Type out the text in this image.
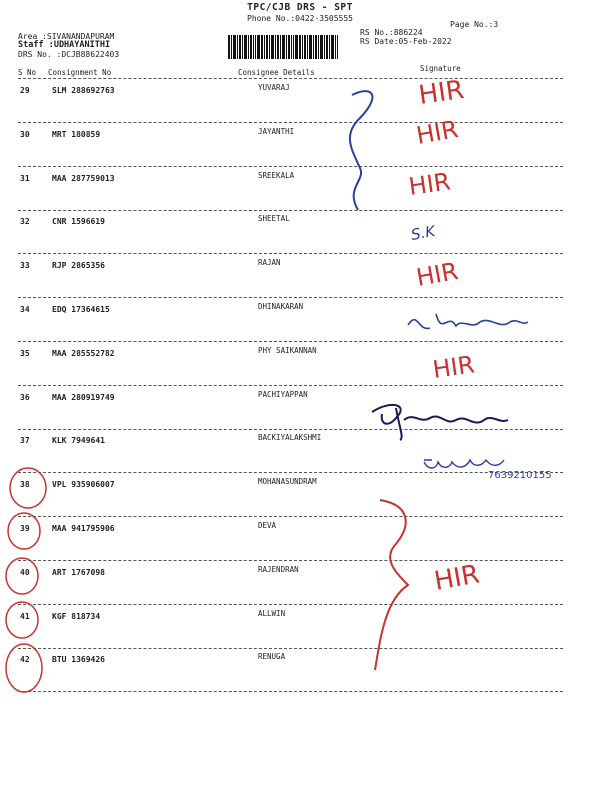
TPC/CJB DRS - SPT
Phone No.:0422-3505555
Page No.:3
Area :SIVANANDAPURAM
Staff :UDHAYANITHI
DRS No. :DCJB88622403
RS No.:886224
RS Date:05-Feb-2022
S No Consignment No	Consignee Details	Signature
29	SLM 288692763	YUVARAJ
30	MRT 180859	JAYANTHI
31	MAA 287759013	SREEKALA
32	CNR 1596619	SHEETAL
33	RJP 2865356	RAJAN
34	EDQ 17364615	DHINAKARAN
35	MAA 285552782	PHY SAIKANNAN
36	MAA 280919749	PACHIYAPPAN
37	KLK 7949641	BACKIYALAKSHMI
38	VPL 935906007	MOHANASUNDRAM
39	MAA 941795906	DEVA
40	ART 1767098	RAJENDRAN
41	KGF 818734	ALLWIN
42	BTU 1369426	RENUGA
HIR
HIR
HIR
HIR
HIR
HIR
S.K
7639210155
